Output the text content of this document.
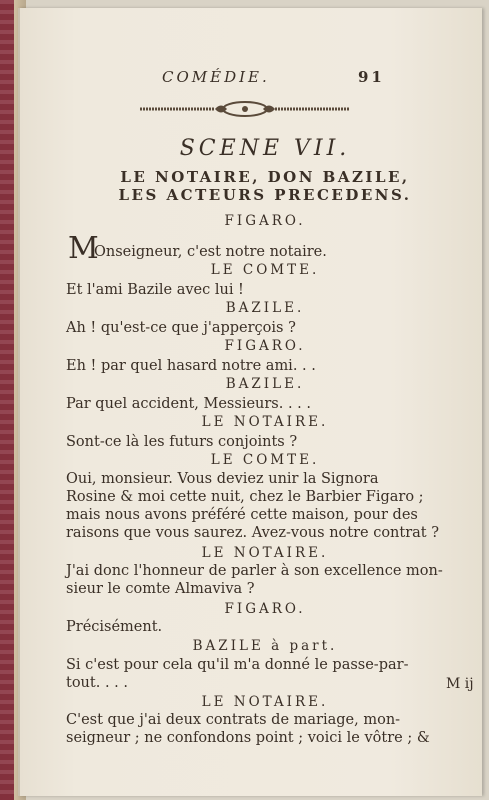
COMÉDIE.	91
SCENE VII.
LE NOTAIRE, DON BAZILE,
LES ACTEURS PRECEDENS.
M
FIGARO.
Onseigneur, c'est notre notaire.
LE COMTE.
Et l'ami Bazile avec lui !
BAZILE.
Ah ! qu'est-ce que j'apperçois ?
FIGARO.
Eh ! par quel hasard notre ami. . .
BAZILE.
Par quel accident, Messieurs. . . .
LE NOTAIRE.
Sont-ce là les futurs conjoints ?
LE COMTE.
Oui, monsieur. Vous deviez unir la Signora
Rosine & moi cette nuit, chez le Barbier Figaro ;
mais nous avons préféré cette maison, pour des
raisons que vous saurez. Avez-vous notre contrat ?
LE NOTAIRE.
J'ai donc l'honneur de parler à son excellence mon-
sieur le comte Almaviva ?
FIGARO.
Précisément.
BAZILE à part.
Si c'est pour cela qu'il m'a donné le passe-par-
tout. . . .
LE NOTAIRE.
C'est que j'ai deux contrats de mariage, mon-
seigneur ; ne confondons point ; voici le vôtre ; &
M ij
